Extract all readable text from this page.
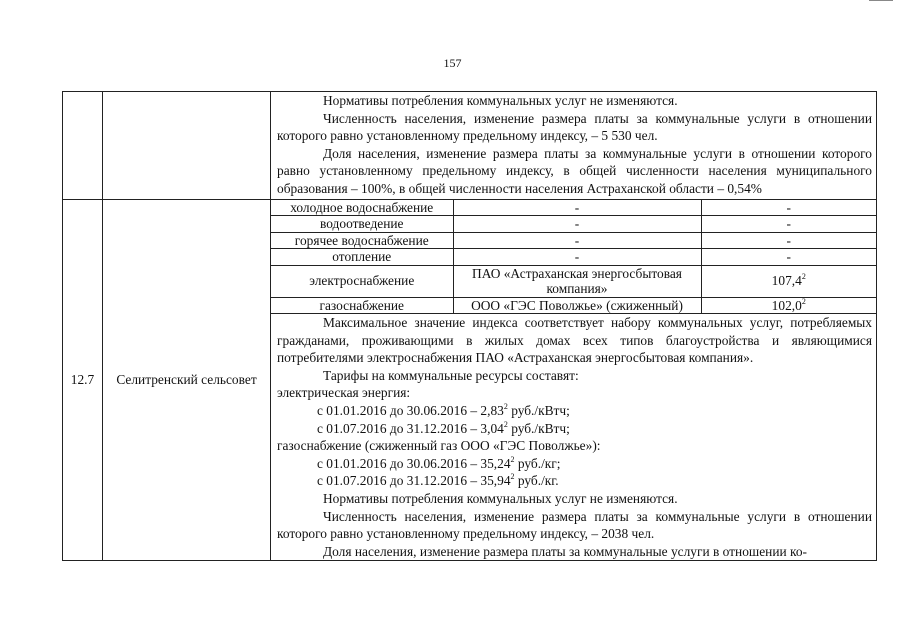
157

Нормативы потребления коммунальных услуг не изменяются.

Численность населения, изменение размера платы за коммунальные услуги в отношении которого равно установленному предельному индексу, – 5 530 чел.

Доля населения, изменение размера платы за коммунальные услуги в отношении которого равно установленному предельному индексу, в общей численности населения муниципального образования – 100%, в общей численности населения Астраханской области – 0,54%

12.7	Селитренский сельсовет	
холодное водоснабжение	-	-
водоотведение	-	-
горячее водоснабжение	-	-
отопление	-	-
электроснабжение	ПАО «Астраханская энергосбытовая компания»	107,4$^2$
газоснабжение	ООО «ГЭС Поволжье» (сжиженный)	102,0$^2$

Максимальное значение индекса соответствует набору коммунальных услуг, потребляемых гражданами, проживающими в жилых домах всех типов благоустройства и являющимися потребителями электроснабжения ПАО «Астраханская энергосбытовая компания».

Тарифы на коммунальные ресурсы составят:

электрическая энергия:

с 01.01.2016 до 30.06.2016 – 2,83$^2$ руб./кВтч;

с 01.07.2016 до 31.12.2016 – 3,04$^2$ руб./кВтч;

газоснабжение (сжиженный газ ООО «ГЭС Поволжье»):

с 01.01.2016 до 30.06.2016 – 35,24$^2$ руб./кг;

с 01.07.2016 до 31.12.2016 – 35,94$^2$ руб./кг.

Нормативы потребления коммунальных услуг не изменяются.

Численность населения, изменение размера платы за коммунальные услуги в отношении которого равно установленному предельному индексу, – 2038 чел.

Доля населения, изменение размера платы за коммунальные услуги в отношении ко-
